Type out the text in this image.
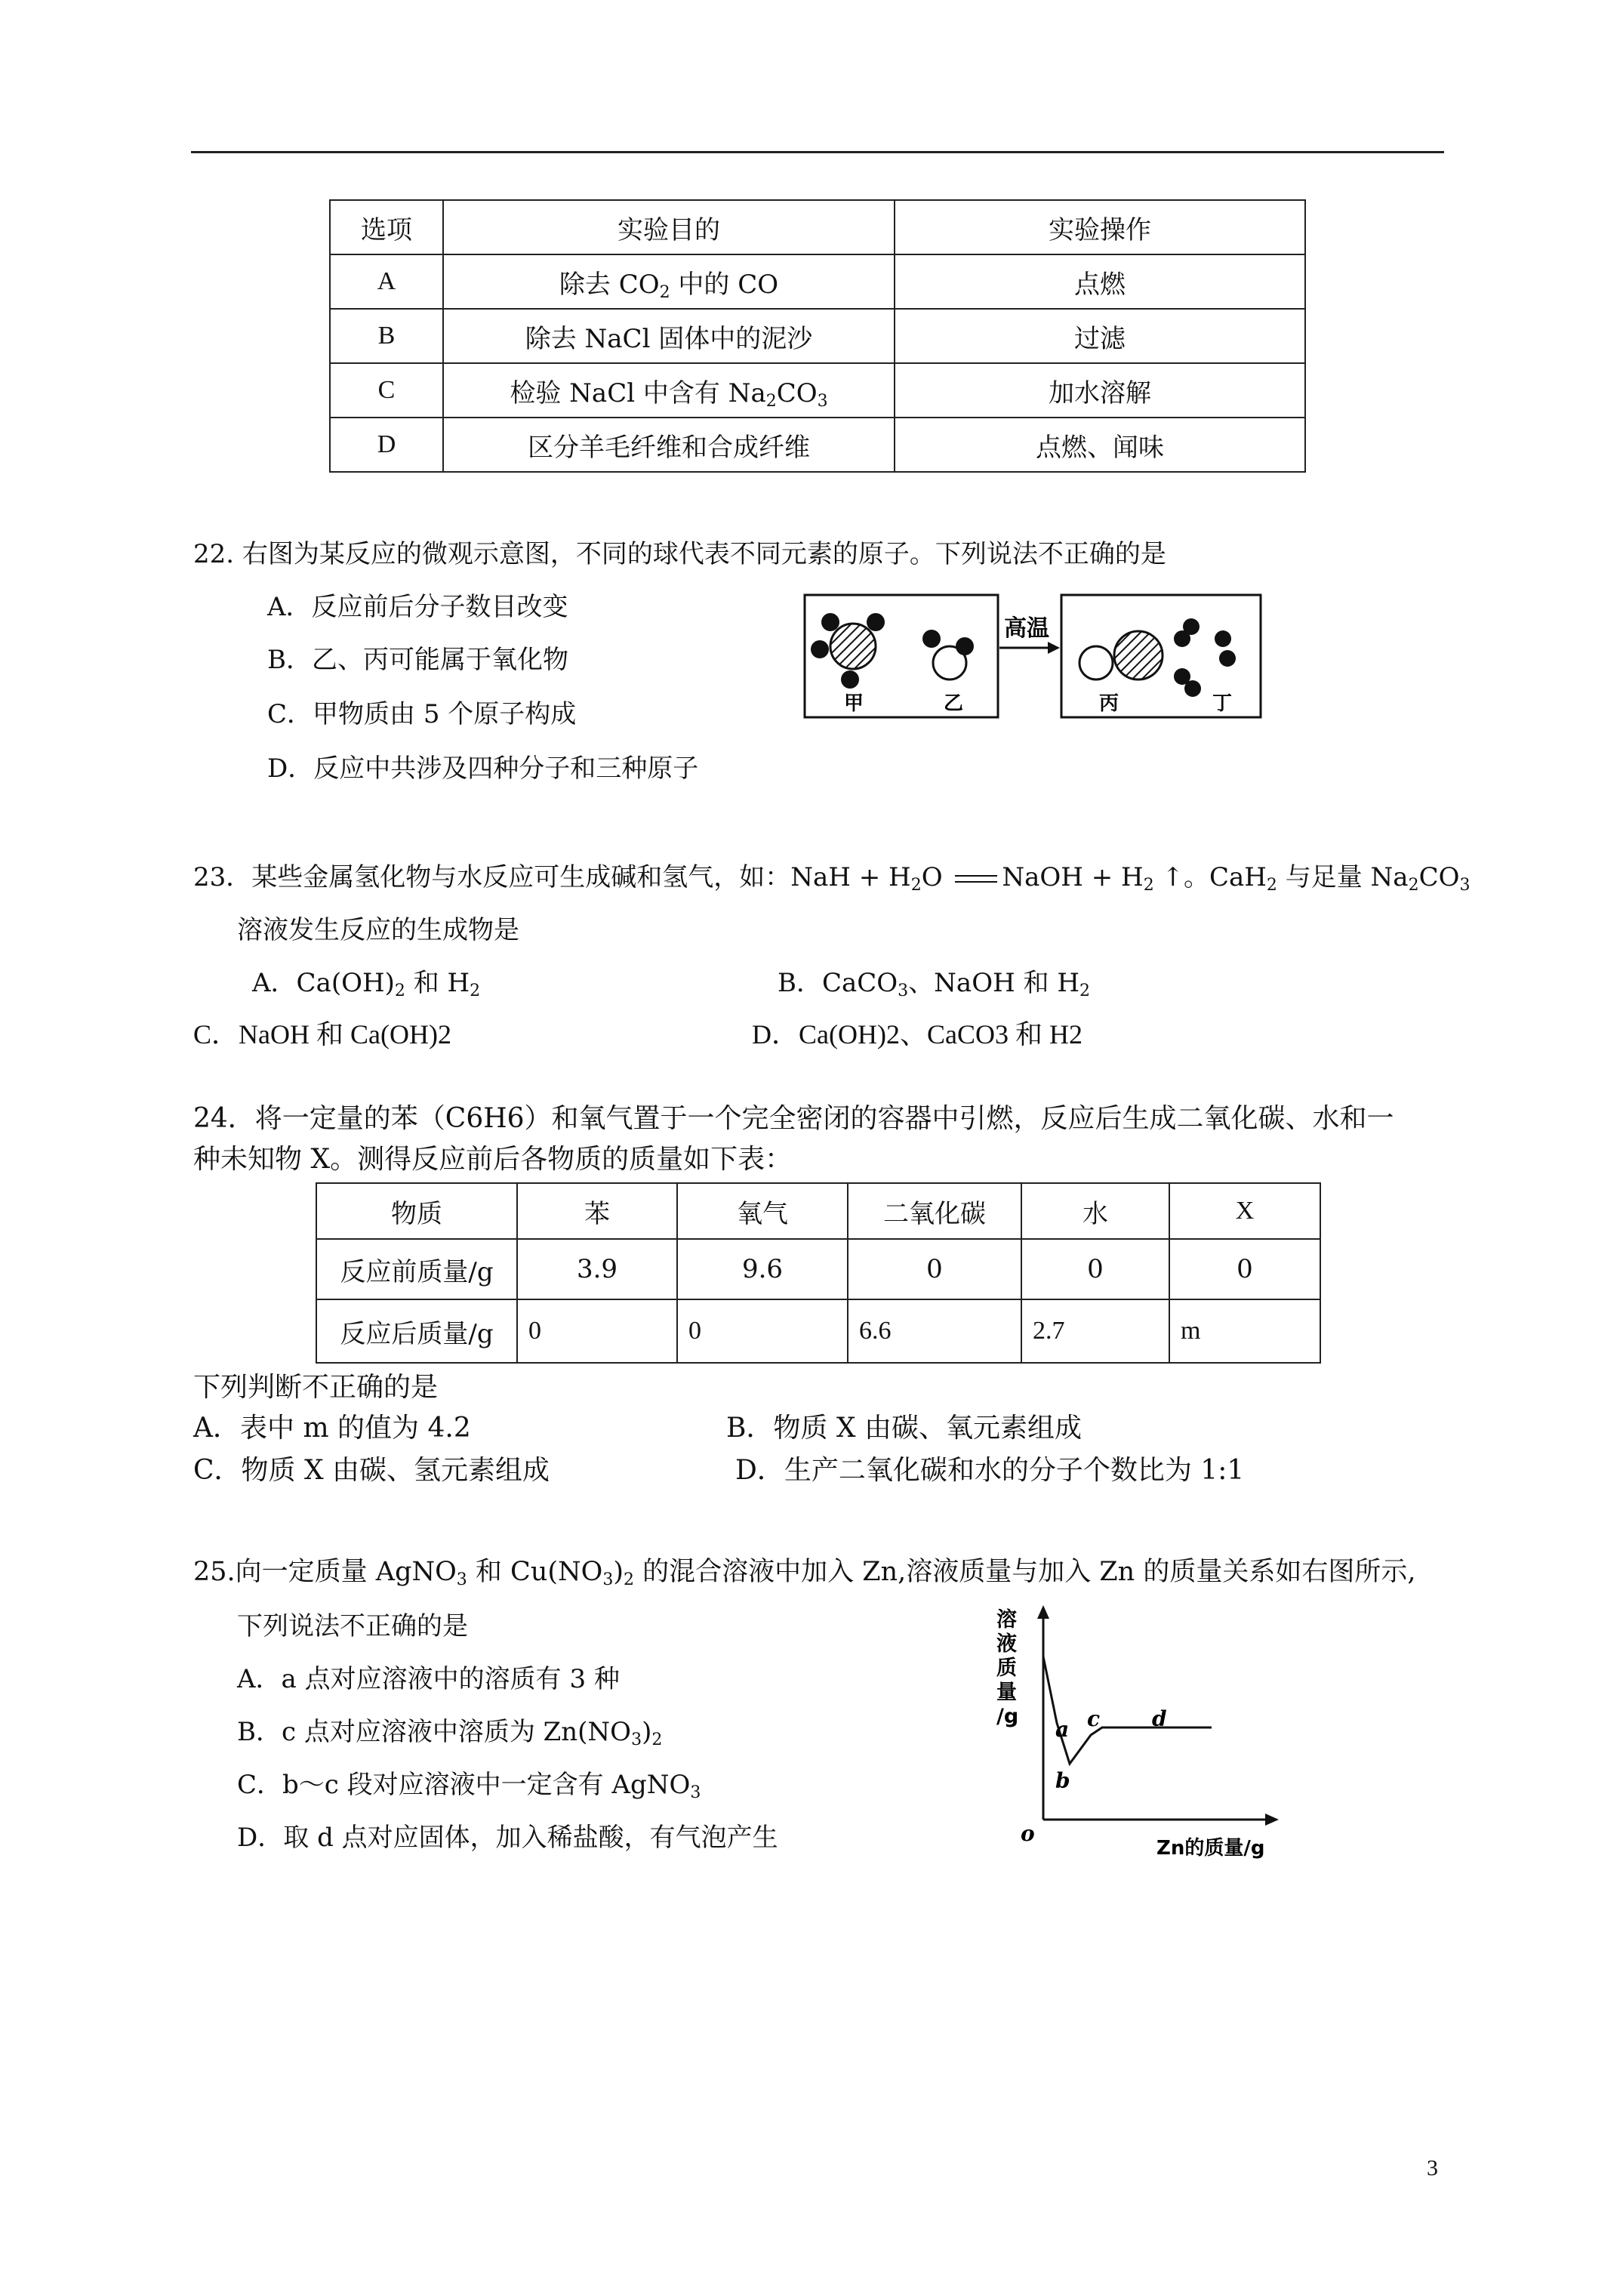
选项	实验目的	实验操作
A	除去 $CO_2$ 中的 CO	点燃
B	除去 NaCl 固体中的泥沙	过滤
C	检验 NaCl 中含有 $Na_2CO_3$	加水溶解
D	区分羊毛纤维和合成纤维	点燃、闻味
22. 右图为某反应的微观示意图，不同的球代表不同元素的原子。下列说法不正确的是
A．反应前后分子数目改变
B．乙、丙可能属于氧化物
C．甲物质由 5 个原子构成
D．反应中共涉及四种分子和三种原子
高温
甲	乙	丙	丁
23．某些金属氢化物与水反应可生成碱和氢气，如：NaH + $H_2O$ NaOH + $H_2$ ↑。CaH$_2$ 与足量 $Na_2CO_3$
溶液发生反应的生成物是
A．$Ca(OH)_2$ 和 $H_2$	B．CaCO$_3$、NaOH 和 $H_2$
C．NaOH 和 Ca(OH)2	D．Ca(OH)2、CaCO3 和 H2
24．将一定量的苯（C6H6）和氧气置于一个完全密闭的容器中引燃，反应后生成二氧化碳、水和一
种未知物 X。测得反应前后各物质的质量如下表：
物质	苯	氧气	二氧化碳	水	X
反应前质量/g	3.9	9.6	0	0	0
反应后质量/g	0	0	6.6	2.7	m
下列判断不正确的是
A．表中 m 的值为 4.2	B．物质 X 由碳、氧元素组成
C．物质 X 由碳、氢元素组成	D．生产二氧化碳和水的分子个数比为 1:1
25.向一定质量 AgNO$_3$ 和 $Cu(NO_3)_2$ 的混合溶液中加入 Zn,溶液质量与加入 Zn 的质量关系如右图所示,
下列说法不正确的是
A．a 点对应溶液中的溶质有 3 种
B．c 点对应溶液中溶质为 $Zn(NO_3)_2$
C．b～c 段对应溶液中一定含有 AgNO$_3$
D．取 d 点对应固体，加入稀盐酸，有气泡产生
溶
液
质
量
/g
o
Zn的质量/g
a
b
c d
3
